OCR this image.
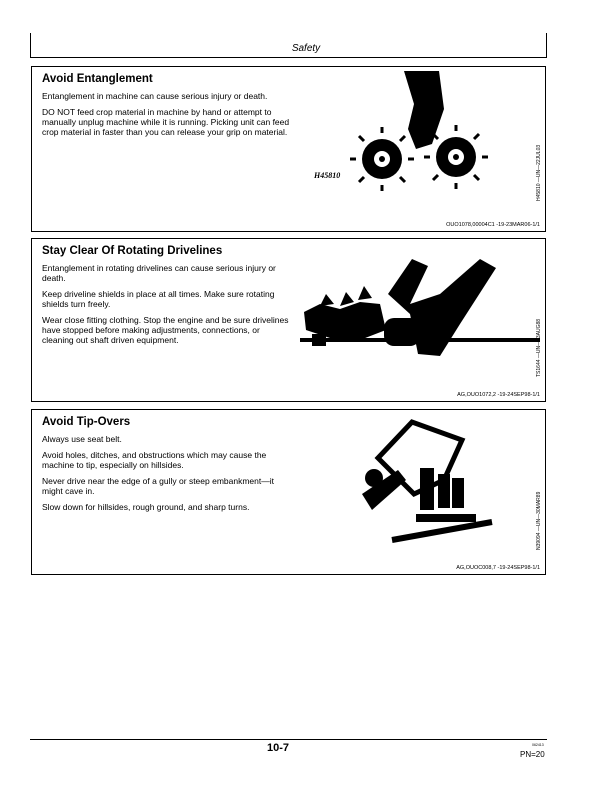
Safety
Avoid Entanglement

Entanglement in machine can cause serious injury or death.

DO NOT feed crop material in machine by hand or attempt to manually unplug machine while it is running. Picking unit can feed crop material in faster than you can release your grip on material.

H45810	H45810 —UN—22JUL03
OUO1078,00004C1 -19-23MAR06-1/1
Stay Clear Of Rotating Drivelines

Entanglement in rotating drivelines can cause serious injury or death.

Keep driveline shields in place at all times. Make sure rotating shields turn freely.

Wear close fitting clothing. Stop the engine and be sure drivelines have stopped before making adjustments, connections, or cleaning out shaft driven equipment.	TS1644 —UN—23AUG88
AG,OUO1072,2 -19-24SEP98-1/1
Avoid Tip-Overs

Always use seat belt.

Avoid holes, ditches, and obstructions which may cause the machine to tip, especially on hillsides.

Never drive near the edge of a gully or steep embankment—it might cave in.

Slow down for hillsides, rough ground, and sharp turns.	N39094 —UN—30MAR89
AG,OUOC008,7 -19-24SEP98-1/1
10-7	062413
PN=20
